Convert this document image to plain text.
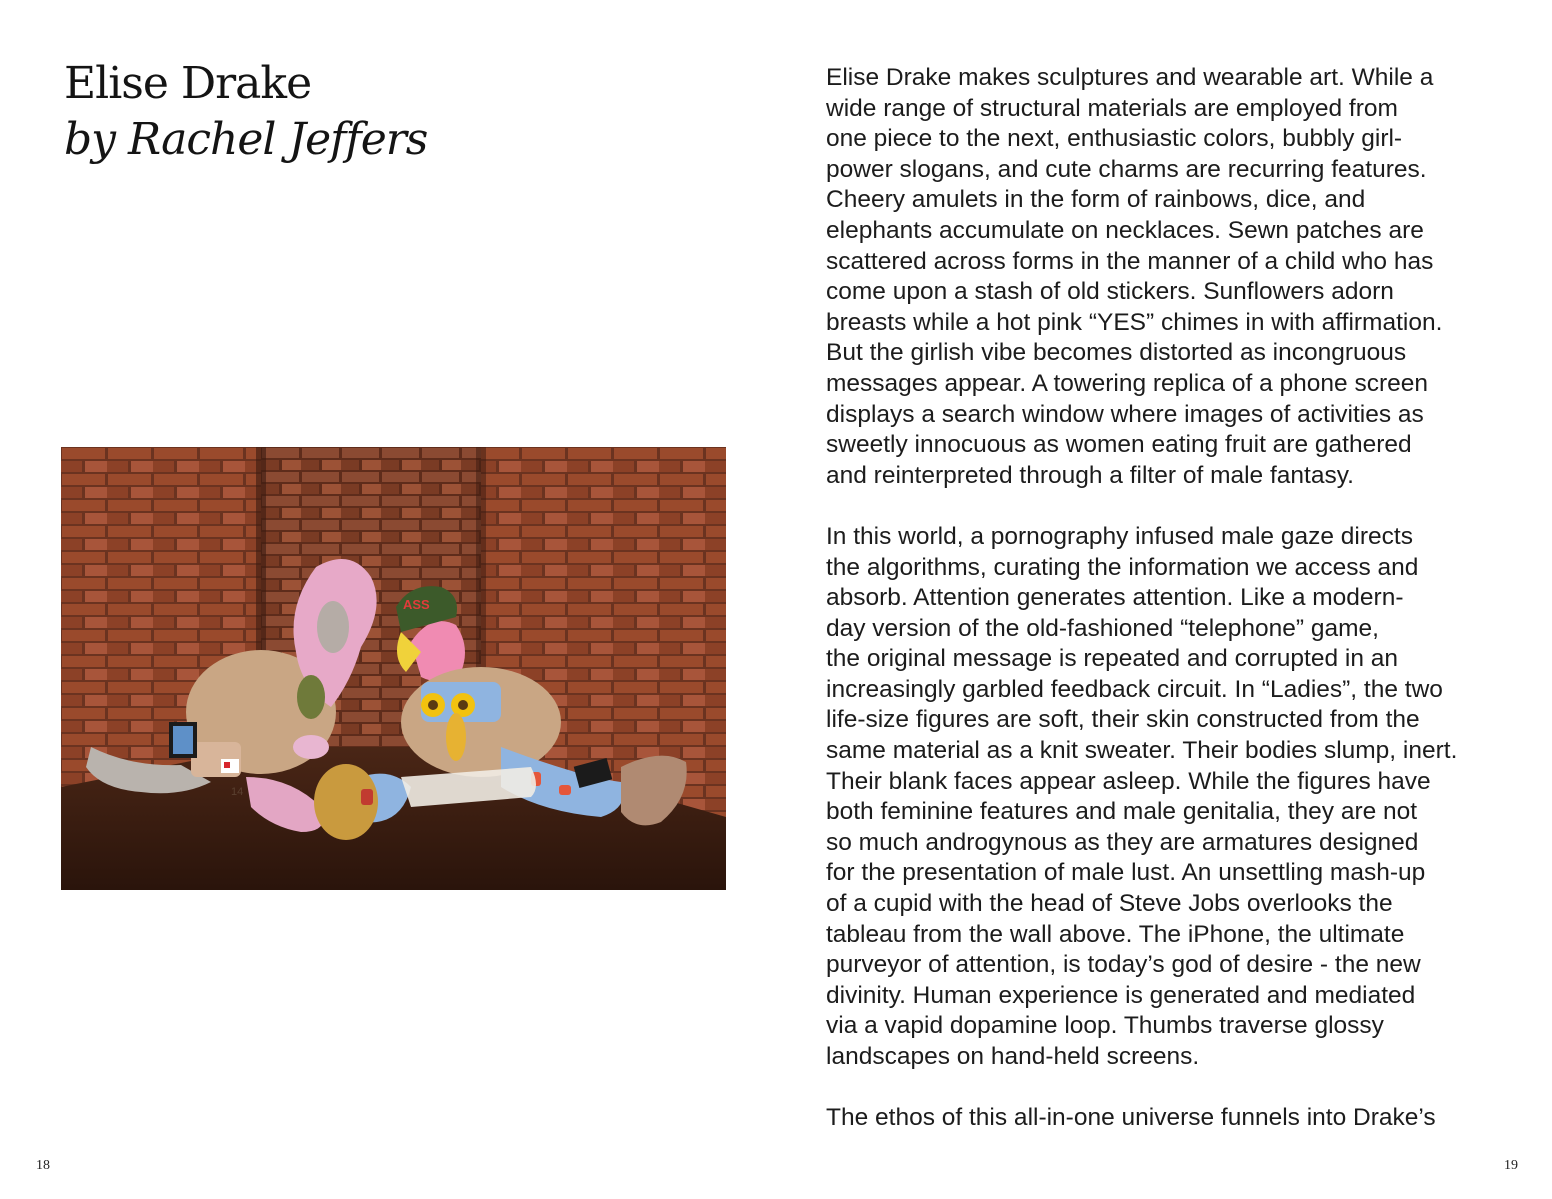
Elise Drake
by Rachel Jeffers
ASS
14
Elise Drake makes sculptures and wearable art. While a
wide range of structural materials are employed from
one piece to the next, enthusiastic colors, bubbly girl-
power slogans, and cute charms are recurring features.
Cheery amulets in the form of rainbows, dice, and
elephants accumulate on necklaces. Sewn patches are
scattered across forms in the manner of a child who has
come upon a stash of old stickers. Sunflowers adorn
breasts while a hot pink “YES” chimes in with affirmation.
But the girlish vibe becomes distorted as incongruous
messages appear. A towering replica of a phone screen
displays a search window where images of activities as
sweetly innocuous as women eating fruit are gathered
and reinterpreted through a filter of male fantasy.
In this world, a pornography infused male gaze directs
the algorithms, curating the information we access and
absorb. Attention generates attention. Like a modern-
day version of the old-fashioned “telephone” game,
the original message is repeated and corrupted in an
increasingly garbled feedback circuit. In “Ladies”, the two
life-size figures are soft, their skin constructed from the
same material as a knit sweater. Their bodies slump, inert.
Their blank faces appear asleep. While the figures have
both feminine features and male genitalia, they are not
so much androgynous as they are armatures designed
for the presentation of male lust. An unsettling mash-up
of a cupid with the head of Steve Jobs overlooks the
tableau from the wall above. The iPhone, the ultimate
purveyor of attention, is today’s god of desire - the new
divinity. Human experience is generated and mediated
via a vapid dopamine loop. Thumbs traverse glossy
landscapes on hand-held screens.
The ethos of this all-in-one universe funnels into Drake’s
18	19
